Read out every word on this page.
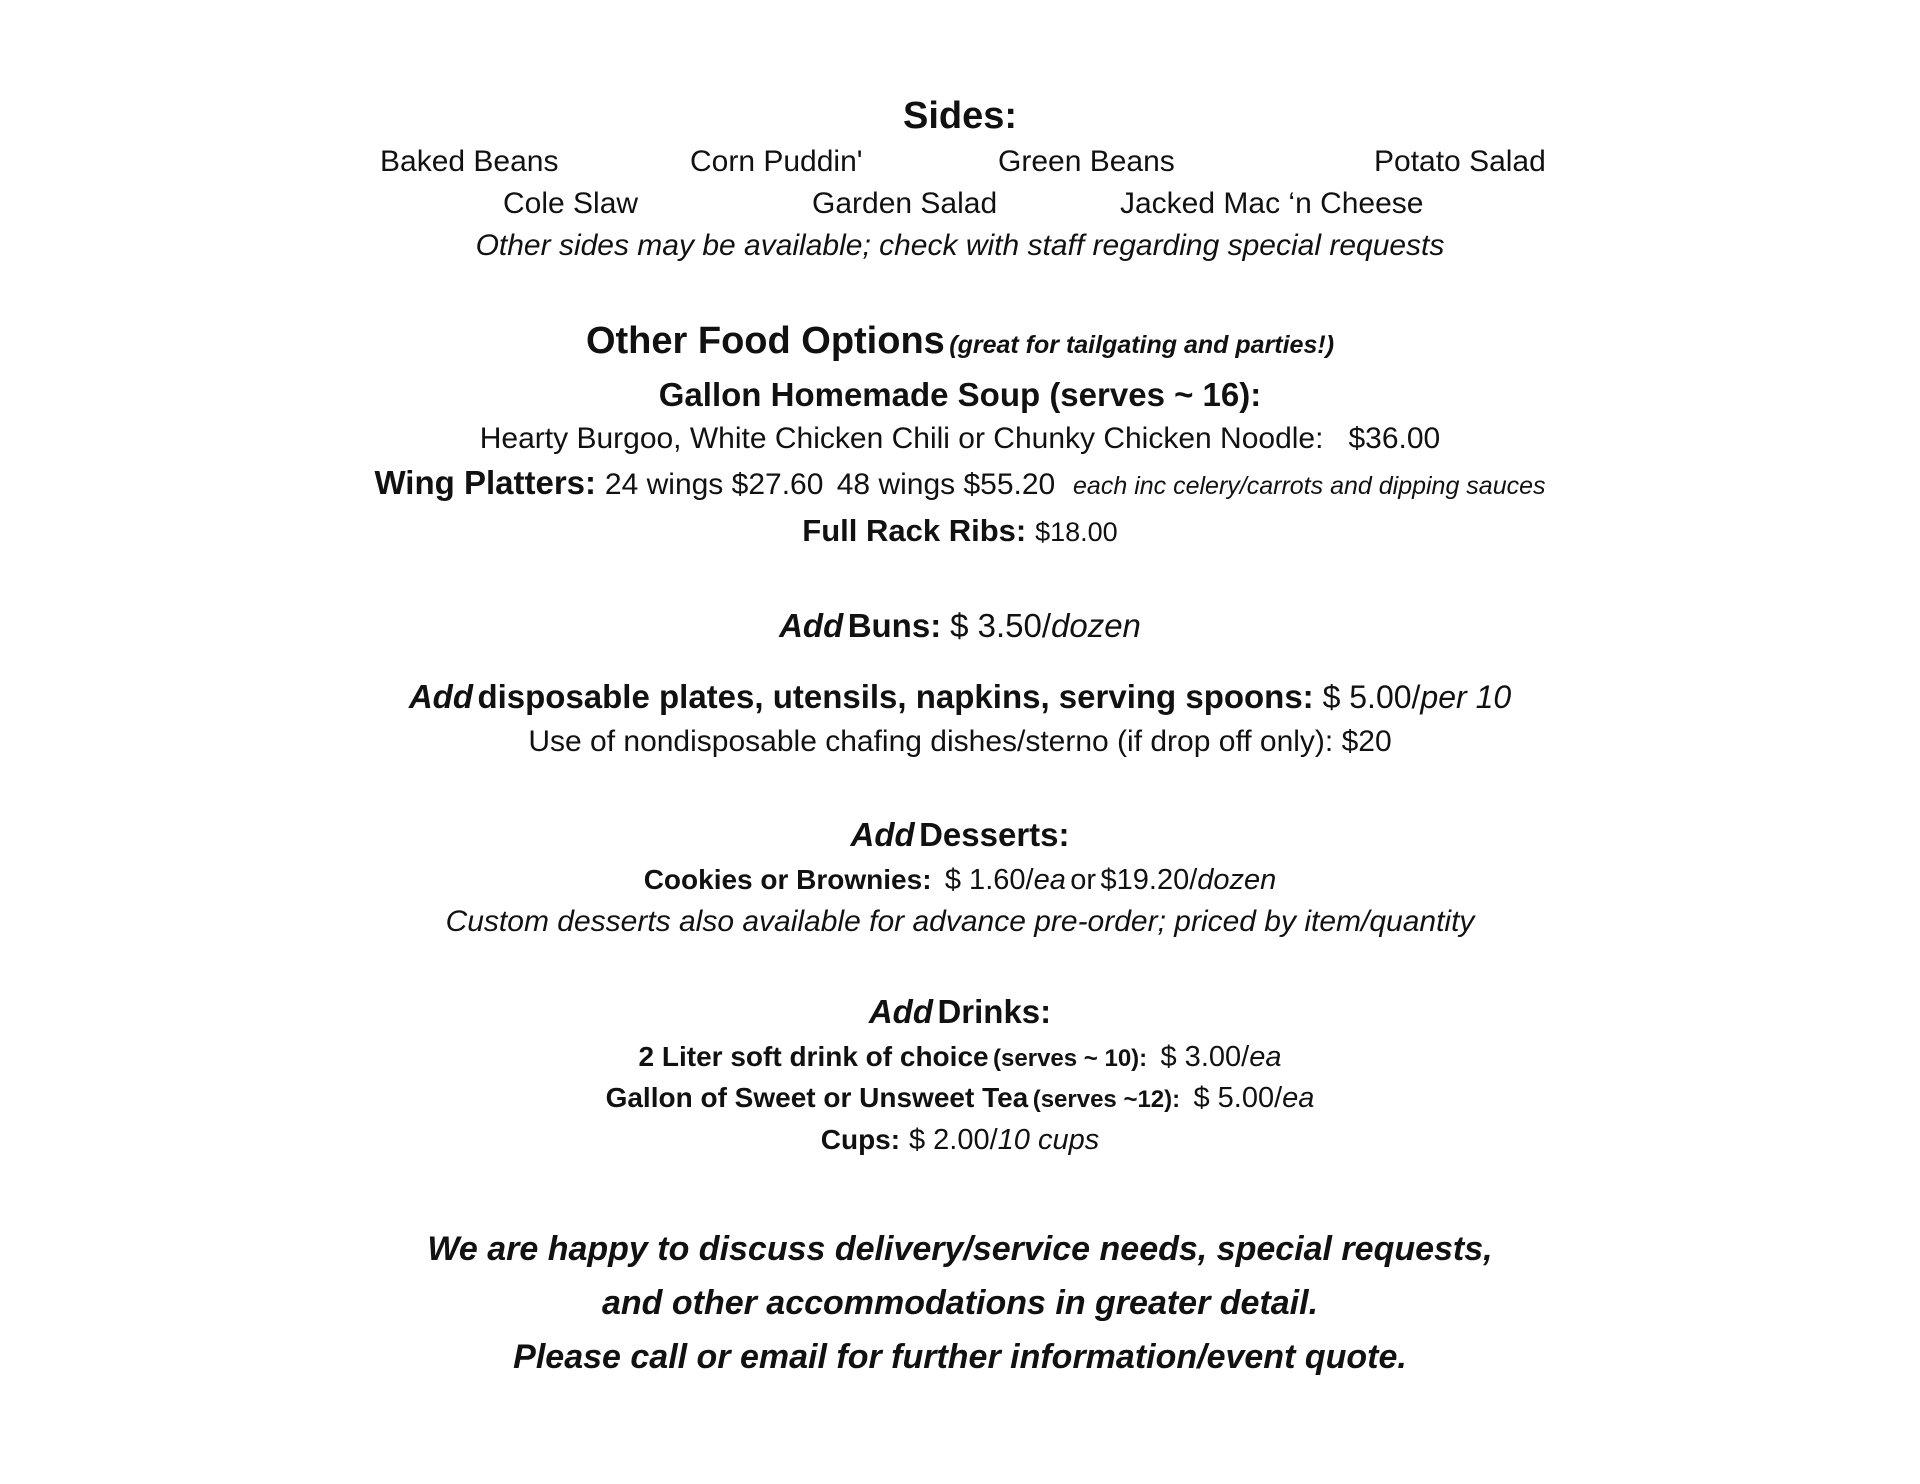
Sides:
Baked Beans	Corn Puddin'	Green Beans	Potato Salad
Cole Slaw	Garden Salad	Jacked Mac ‘n Cheese
Other sides may be available; check with staff regarding special requests
Other Food Options (great for tailgating and parties!)
Gallon Homemade Soup (serves ~ 16):
Hearty Burgoo, White Chicken Chili or Chunky Chicken Noodle: $36.00
Wing Platters: 24 wings $27.60 48 wings $55.20 each inc celery/carrots and dipping sauces
Full Rack Ribs: $18.00
Add Buns: $ 3.50/dozen
Add disposable plates, utensils, napkins, serving spoons: $ 5.00/per 10
Use of nondisposable chafing dishes/sterno (if drop off only): $20
Add Desserts:
Cookies or Brownies: $ 1.60/ea or $19.20/dozen
Custom desserts also available for advance pre-order; priced by item/quantity
Add Drinks:
2 Liter soft drink of choice (serves ~ 10): $ 3.00/ea
Gallon of Sweet or Unsweet Tea (serves ~12): $ 5.00/ea
Cups: $ 2.00/10 cups
We are happy to discuss delivery/service needs, special requests,
and other accommodations in greater detail.
Please call or email for further information/event quote.
